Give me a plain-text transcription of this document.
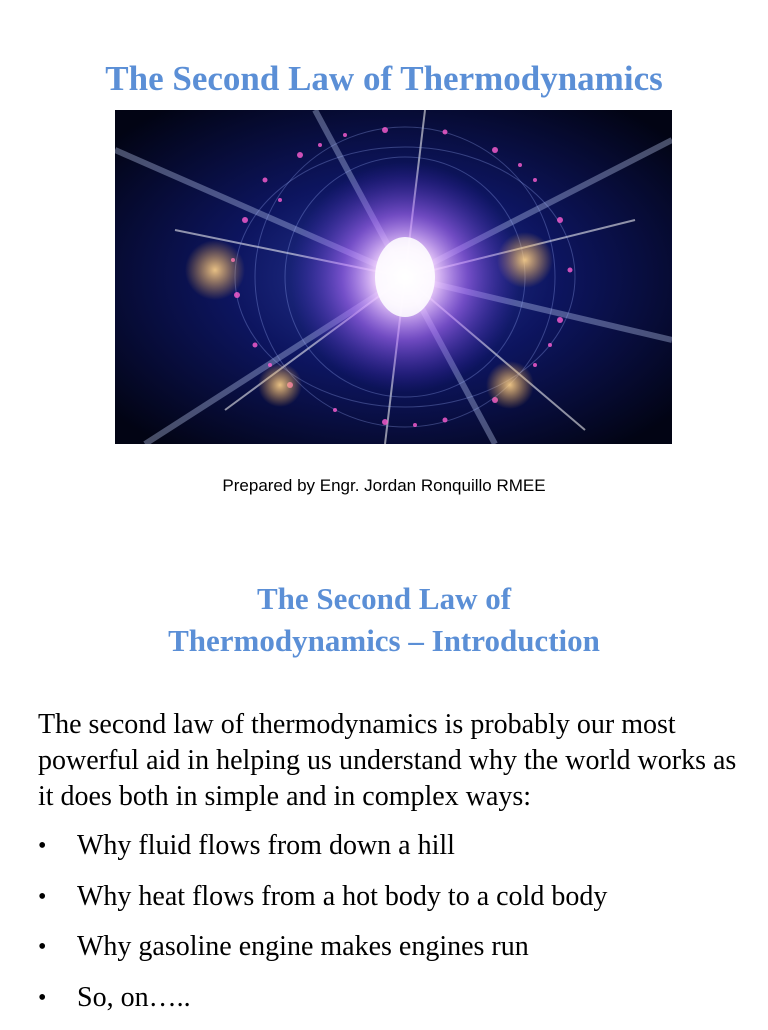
The Second Law of Thermodynamics
Prepared by Engr. Jordan Ronquillo RMEE
The Second Law of
Thermodynamics – Introduction

The second law of thermodynamics is probably our most powerful aid in helping us understand why the world works as it does both in simple and in complex ways:

•	Why fluid flows from down a hill
•	Why heat flows from a hot body to a cold body
•	Why gasoline engine makes engines run
•	So, on…..
